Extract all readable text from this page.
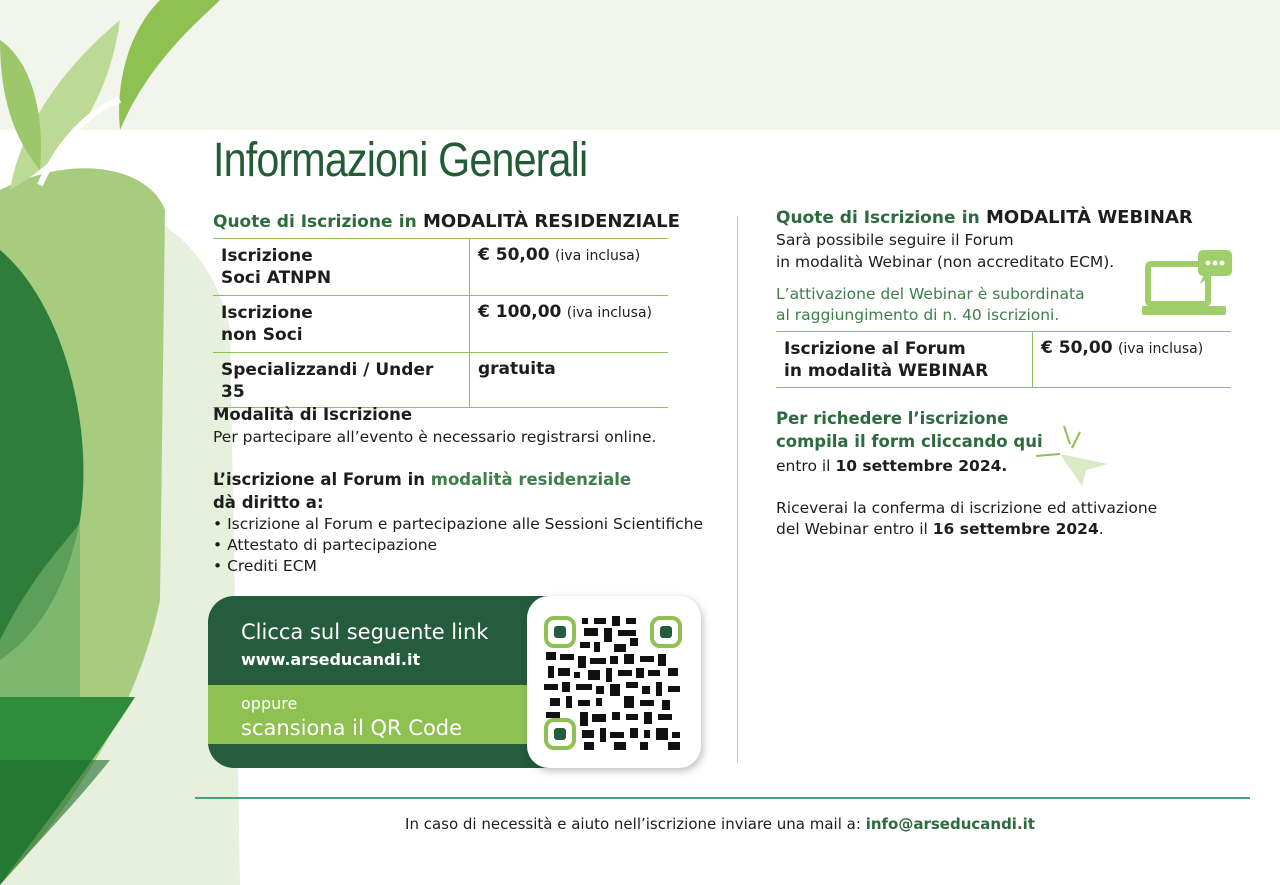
Informazioni Generali
Quote di Iscrizione in MODALITÀ RESIDENZIALE
Iscrizione
Soci ATNPN	€ 50,00 (iva inclusa)
Iscrizione
non Soci	€ 100,00 (iva inclusa)
Specializzandi / Under 35	gratuita
Modalità di Iscrizione
Per partecipare all’evento è necessario registrarsi online.
L’iscrizione al Forum in modalità residenziale
dà diritto a:
• Iscrizione al Forum e partecipazione alle Sessioni Scientifiche
• Attestato di partecipazione
• Crediti ECM
Clicca sul seguente link
www.arseducandi.it
oppure
scansiona il QR Code
Quote di Iscrizione in MODALITÀ WEBINAR
Sarà possibile seguire il Forum
in modalità Webinar (non accreditato ECM).
L’attivazione del Webinar è subordinata
al raggiungimento di n. 40 iscrizioni.
Iscrizione al Forum
in modalità WEBINAR	€ 50,00 (iva inclusa)
Per richedere l’iscrizione
compila il form cliccando qui
entro il 10 settembre 2024.
Riceverai la conferma di iscrizione ed attivazione
del Webinar entro il 16 settembre 2024.
In caso di necessità e aiuto nell’iscrizione inviare una mail a: info@arseducandi.it
